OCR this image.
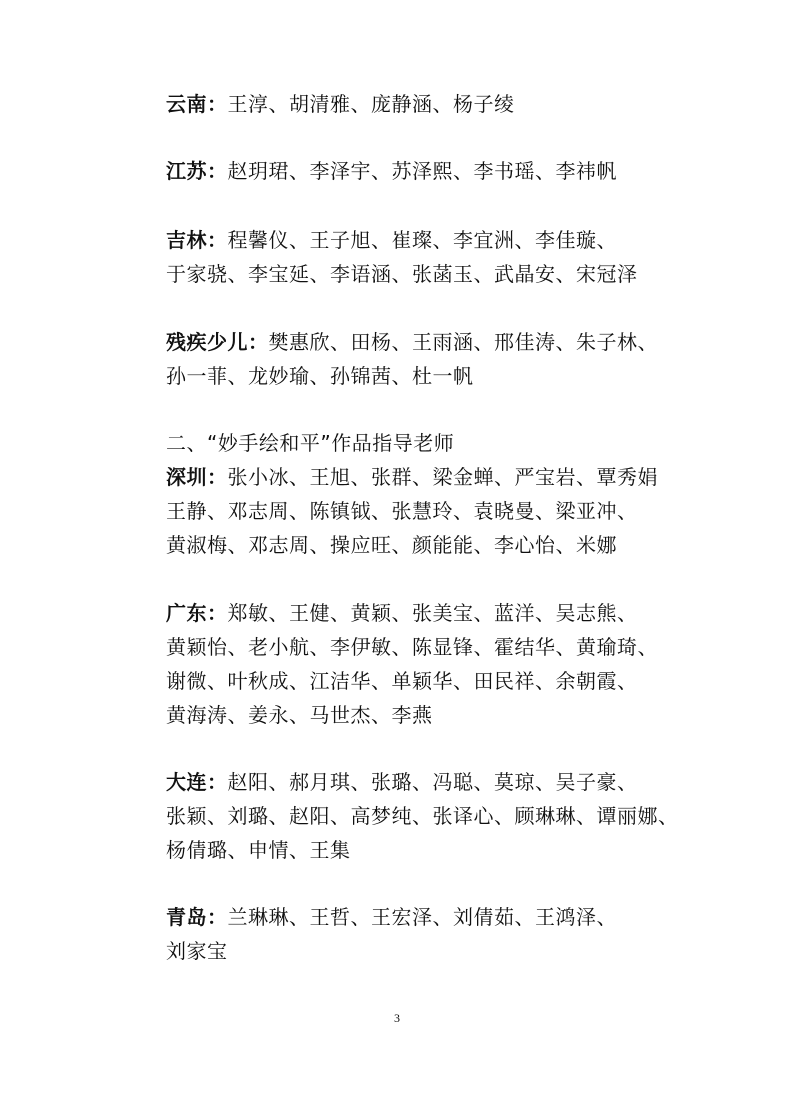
云南：王淳、胡清雅、庞静涵、杨子绫
江苏：赵玥珺、李泽宇、苏泽熙、李书瑶、李祎帆
吉林：程馨仪、王子旭、崔璨、李宜洲、李佳璇、
于家骁、李宝延、李语涵、张菡玉、武晶安、宋冠泽
残疾少儿：樊惠欣、田杨、王雨涵、邢佳涛、朱子林、
孙一菲、龙妙瑜、孙锦茜、杜一帆
二、“妙手绘和平”作品指导老师
深圳：张小冰、王旭、张群、梁金蝉、严宝岩、覃秀娟
王静、邓志周、陈镇钺、张慧玲、袁晓曼、梁亚冲、
黄淑梅、邓志周、操应旺、颜能能、李心怡、米娜
广东：郑敏、王健、黄颖、张美宝、蓝洋、吴志熊、
黄颖怡、老小航、李伊敏、陈显锋、霍结华、黄瑜琦、
谢微、叶秋成、江洁华、单颖华、田民祥、余朝霞、
黄海涛、姜永、马世杰、李燕
大连：赵阳、郝月琪、张璐、冯聪、莫琼、吴子豪、
张颖、刘璐、赵阳、高梦纯、张译心、顾琳琳、谭丽娜、
杨倩璐、申情、王集
青岛：兰琳琳、王哲、王宏泽、刘倩茹、王鸿泽、
刘家宝
3
